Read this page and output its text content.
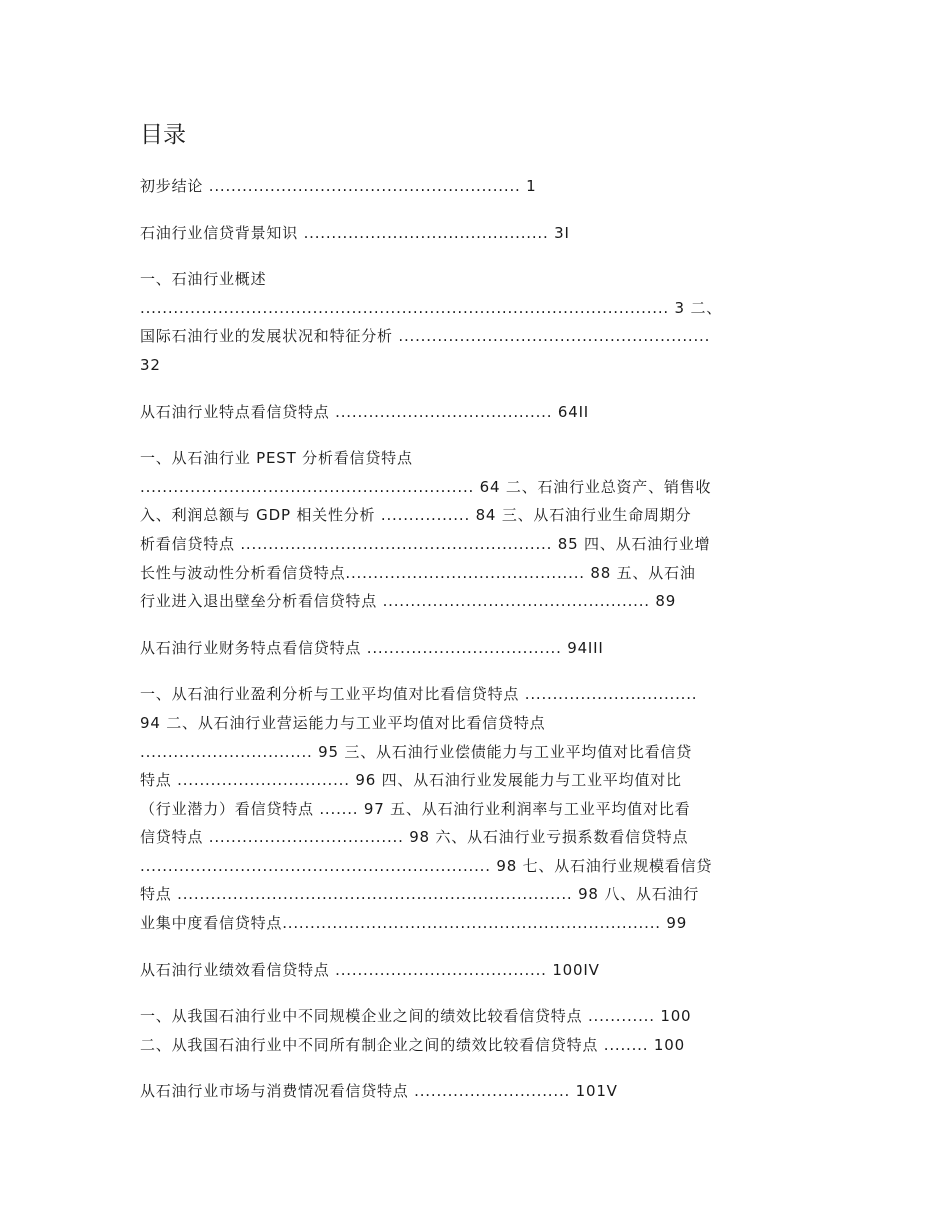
目录
初步结论 ........................................................ 1
石油行业信贷背景知识 ............................................ 3I
一、石油行业概述
............................................................................................... 3 二、
国际石油行业的发展状况和特征分析 ........................................................
32
从石油行业特点看信贷特点 ....................................... 64II
一、从石油行业 PEST 分析看信贷特点
............................................................ 64 二、石油行业总资产、销售收
入、利润总额与 GDP 相关性分析 ................ 84 三、从石油行业生命周期分
析看信贷特点 ........................................................ 85 四、从石油行业增
长性与波动性分析看信贷特点........................................... 88 五、从石油
行业进入退出壁垒分析看信贷特点 ................................................ 89
从石油行业财务特点看信贷特点 ................................... 94III
一、从石油行业盈利分析与工业平均值对比看信贷特点 ...............................
94 二、从石油行业营运能力与工业平均值对比看信贷特点
............................... 95 三、从石油行业偿债能力与工业平均值对比看信贷
特点 ............................... 96 四、从石油行业发展能力与工业平均值对比
（行业潜力）看信贷特点 ....... 97 五、从石油行业利润率与工业平均值对比看
信贷特点 ................................... 98 六、从石油行业亏损系数看信贷特点
............................................................... 98 七、从石油行业规模看信贷
特点 ....................................................................... 98 八、从石油行
业集中度看信贷特点.................................................................... 99
从石油行业绩效看信贷特点 ...................................... 100IV
一、从我国石油行业中不同规模企业之间的绩效比较看信贷特点 ............ 100
二、从我国石油行业中不同所有制企业之间的绩效比较看信贷特点 ........ 100
从石油行业市场与消费情况看信贷特点 ............................ 101V
